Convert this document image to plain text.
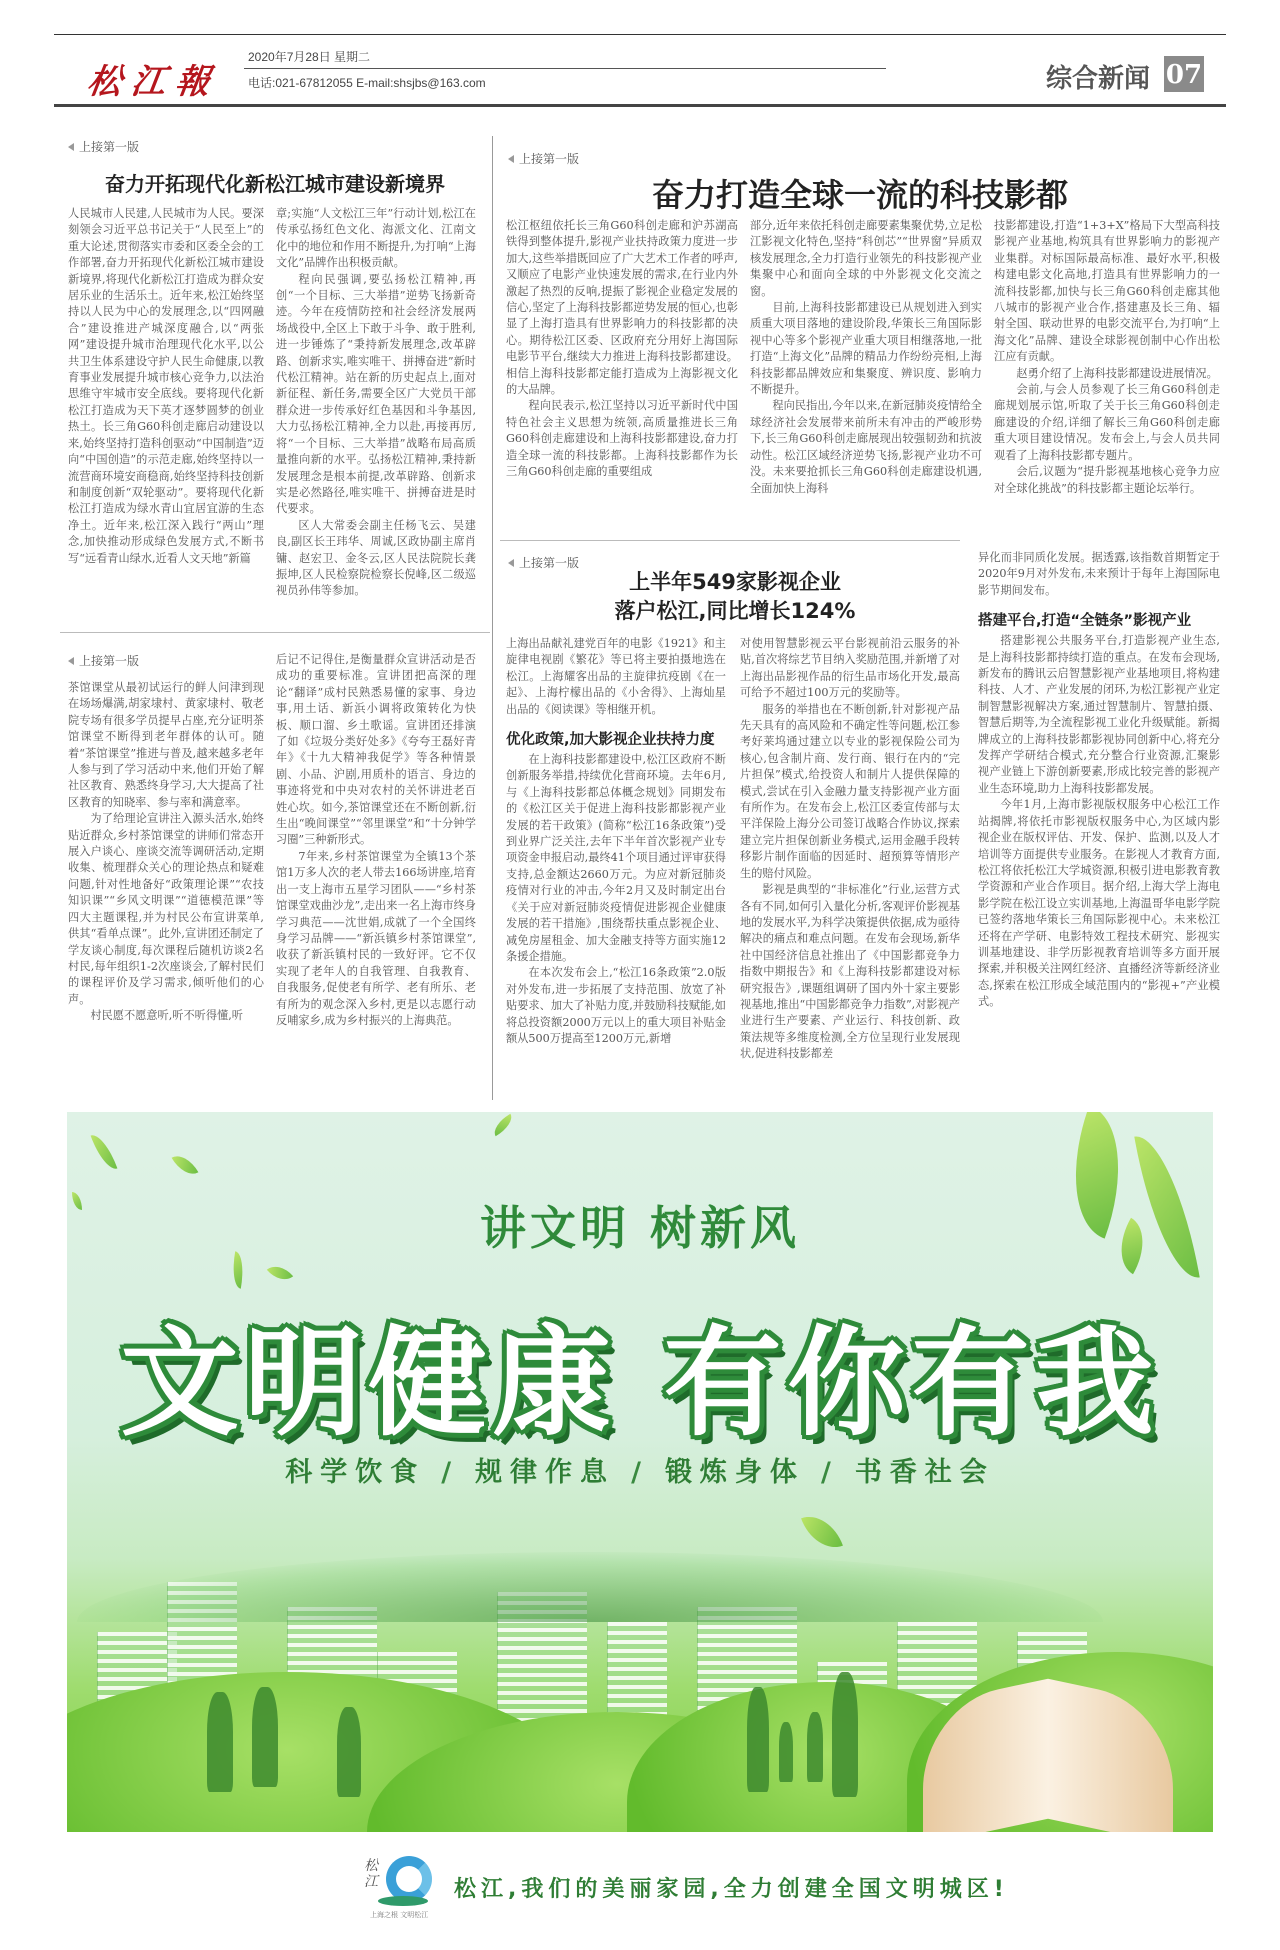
松江報
2020年7月28日 星期二
电话:021-67812055 E-mail:shsjbs@163.com	综合新闻 07
上接第一版
奋力开拓现代化新松江城市建设新境界

人民城市人民建,人民城市为人民。要深刻领会习近平总书记关于“人民至上”的重大论述,贯彻落实市委和区委全会的工作部署,奋力开拓现代化新松江城市建设新境界,将现代化新松江打造成为群众安居乐业的生活乐土。近年来,松江始终坚持以人民为中心的发展理念,以“四网融合”建设推进产城深度融合,以“两张网”建设提升城市治理现代化水平,以公共卫生体系建设守护人民生命健康,以教育事业发展提升城市核心竞争力,以法治思维守牢城市安全底线。要将现代化新松江打造成为天下英才逐梦圆梦的创业热土。长三角G60科创走廊启动建设以来,始终坚持打造科创驱动“中国制造”迈向“中国创造”的示范走廊,始终坚持以一流营商环境安商稳商,始终坚持科技创新和制度创新“双轮驱动”。要将现代化新松江打造成为绿水青山宜居宜游的生态净土。近年来,松江深入践行“两山”理念,加快推动形成绿色发展方式,不断书写“远看青山绿水,近看人文天地”新篇

章;实施“人文松江三年”行动计划,松江在传承弘扬红色文化、海派文化、江南文化中的地位和作用不断提升,为打响“上海文化”品牌作出积极贡献。

程向民强调,要弘扬松江精神,再创“一个目标、三大举措”逆势飞扬新奇迹。今年在疫情防控和社会经济发展两场战役中,全区上下敢于斗争、敢于胜利,进一步锤炼了“秉持新发展理念,改革辟路、创新求实,唯实唯干、拼搏奋进”新时代松江精神。站在新的历史起点上,面对新征程、新任务,需要全区广大党员干部群众进一步传承好红色基因和斗争基因,大力弘扬松江精神,全力以赴,再接再厉,将“一个目标、三大举措”战略布局高质量推向新的水平。弘扬松江精神,秉持新发展理念是根本前提,改革辟路、创新求实是必然路径,唯实唯干、拼搏奋进是时代要求。

区人大常委会副主任杨飞云、吴建良,副区长王玮华、周诚,区政协副主席肖镛、赵宏卫、金冬云,区人民法院院长龚振坤,区人民检察院检察长倪峰,区二级巡视员孙伟等参加。

上接第一版

茶馆课堂从最初试运行的鲜人问津到现在场场爆满,胡家埭村、黄家埭村、敬老院专场有很多学员提早占座,充分证明茶馆课堂不断得到老年群体的认可。随着“茶馆课堂”推进与普及,越来越多老年人参与到了学习活动中来,他们开始了解社区教育、熟悉终身学习,大大提高了社区教育的知晓率、参与率和满意率。

为了给理论宣讲注入源头活水,始终贴近群众,乡村茶馆课堂的讲师们常态开展入户谈心、座谈交流等调研活动,定期收集、梳理群众关心的理论热点和疑难问题,针对性地备好“政策理论课”“农技知识课”“乡风文明课”“道德模范课”等四大主题课程,并为村民公布宣讲菜单,供其“看单点课”。此外,宣讲团还制定了学友谈心制度,每次课程后随机访谈2名村民,每年组织1-2次座谈会,了解村民们的课程评价及学习需求,倾听他们的心声。

村民愿不愿意听,听不听得懂,听

后记不记得住,是衡量群众宣讲活动是否成功的重要标准。宣讲团把高深的理论“翻译”成村民熟悉易懂的家事、身边事,用土话、新浜小调将政策转化为快板、顺口溜、乡土歌谣。宣讲团还排演了如《垃圾分类好处多》《夸夸王磊好青年》《十九大精神我促学》等各种情景剧、小品、沪剧,用质朴的语言、身边的事迹将党和中央对农村的关怀讲进老百姓心坎。如今,茶馆课堂还在不断创新,衍生出“晚间课堂”“邻里课堂”和“十分钟学习圈”三种新形式。

7年来,乡村茶馆课堂为全镇13个茶馆1万多人次的老人带去166场讲座,培育出一支上海市五星学习团队——“乡村茶馆课堂戏曲沙龙”,走出来一名上海市终身学习典范——沈世娟,成就了一个全国终身学习品牌——“新浜镇乡村茶馆课堂”,收获了新浜镇村民的一致好评。它不仅实现了老年人的自我管理、自我教育、自我服务,促使老有所学、老有所乐、老有所为的观念深入乡村,更是以志愿行动反哺家乡,成为乡村振兴的上海典范。

上接第一版
奋力打造全球一流的科技影都

松江枢纽依托长三角G60科创走廊和沪苏湖高铁得到整体提升,影视产业扶持政策力度进一步加大,这些举措既回应了广大艺术工作者的呼声,又顺应了电影产业快速发展的需求,在行业内外激起了热烈的反响,提振了影视企业稳定发展的信心,坚定了上海科技影都逆势发展的恒心,也彰显了上海打造具有世界影响力的科技影都的决心。期待松江区委、区政府充分用好上海国际电影节平台,继续大力推进上海科技影都建设。相信上海科技影都定能打造成为上海影视文化的大品牌。

程向民表示,松江坚持以习近平新时代中国特色社会主义思想为统领,高质量推进长三角G60科创走廊建设和上海科技影都建设,奋力打造全球一流的科技影都。上海科技影都作为长三角G60科创走廊的重要组成

部分,近年来依托科创走廊要素集聚优势,立足松江影视文化特色,坚持“科创芯”“世界窗”异质双核发展理念,全力打造行业领先的科技影视产业集聚中心和面向全球的中外影视文化交流之窗。

目前,上海科技影都建设已从规划进入到实质重大项目落地的建设阶段,华策长三角国际影视中心等多个影视产业重大项目相继落地,一批打造“上海文化”品牌的精品力作纷纷亮相,上海科技影都品牌效应和集聚度、辨识度、影响力不断提升。

程向民指出,今年以来,在新冠肺炎疫情给全球经济社会发展带来前所未有冲击的严峻形势下,长三角G60科创走廊展现出较强韧劲和抗波动性。松江区域经济逆势飞扬,影视产业功不可没。未来要抢抓长三角G60科创走廊建设机遇,全面加快上海科

技影都建设,打造“1+3+X”格局下大型高科技影视产业基地,构筑具有世界影响力的影视产业集群。对标国际最高标准、最好水平,积极构建电影文化高地,打造具有世界影响力的一流科技影都,加快与长三角G60科创走廊其他八城市的影视产业合作,搭建惠及长三角、辐射全国、联动世界的电影交流平台,为打响“上海文化”品牌、建设全球影视创制中心作出松江应有贡献。

赵勇介绍了上海科技影都建设进展情况。

会前,与会人员参观了长三角G60科创走廊规划展示馆,听取了关于长三角G60科创走廊建设的介绍,详细了解长三角G60科创走廊重大项目建设情况。发布会上,与会人员共同观看了上海科技影都专题片。

会后,议题为“提升影视基地核心竞争力应对全球化挑战”的科技影都主题论坛举行。

上接第一版
上半年549家影视企业
落户松江,同比增长124%

上海出品献礼建党百年的电影《1921》和主旋律电视剧《繁花》等已将主要拍摄地选在松江。上海耀客出品的主旋律抗疫剧《在一起》、上海柠檬出品的《小舍得》、上海灿星出品的《阅读课》等相继开机。

优化政策,加大影视企业扶持力度

在上海科技影都建设中,松江区政府不断创新服务举措,持续优化营商环境。去年6月,与《上海科技影都总体概念规划》同期发布的《松江区关于促进上海科技影都影视产业发展的若干政策》(简称“松江16条政策”)受到业界广泛关注,去年下半年首次影视产业专项资金申报启动,最终41个项目通过评审获得支持,总金额达2660万元。为应对新冠肺炎疫情对行业的冲击,今年2月又及时制定出台《关于应对新冠肺炎疫情促进影视企业健康发展的若干措施》,围绕帮扶重点影视企业、减免房屋租金、加大金融支持等方面实施12条援企措施。

在本次发布会上,“松江16条政策”2.0版对外发布,进一步拓展了支持范围、放宽了补贴要求、加大了补贴力度,并鼓励科技赋能,如将总投资额2000万元以上的重大项目补贴金额从500万提高至1200万元,新增

对使用智慧影视云平台影视前沿云服务的补贴,首次将综艺节目纳入奖励范围,并新增了对上海出品影视作品的衍生品市场化开发,最高可给予不超过100万元的奖励等。

服务的举措也在不断创新,针对影视产品先天具有的高风险和不确定性等问题,松江参考好莱坞通过建立以专业的影视保险公司为核心,包含制片商、发行商、银行在内的“完片担保”模式,给投资人和制片人提供保障的模式,尝试在引入金融力量支持影视产业方面有所作为。在发布会上,松江区委宣传部与太平洋保险上海分公司签订战略合作协议,探索建立完片担保创新业务模式,运用金融手段转移影片制作面临的因延时、超预算等情形产生的赔付风险。

影视是典型的“非标准化”行业,运营方式各有不同,如何引入量化分析,客观评价影视基地的发展水平,为科学决策提供依据,成为亟待解决的痛点和难点问题。在发布会现场,新华社中国经济信息社推出了《中国影都竞争力指数中期报告》和《上海科技影都建设对标研究报告》,课题组调研了国内外十家主要影视基地,推出“中国影都竞争力指数”,对影视产业进行生产要素、产业运行、科技创新、政策法规等多维度检测,全方位呈现行业发展现状,促进科技影都差

异化而非同质化发展。据透露,该指数首期暂定于2020年9月对外发布,未来预计于每年上海国际电影节期间发布。

搭建平台,打造“全链条”影视产业

搭建影视公共服务平台,打造影视产业生态,是上海科技影都持续打造的重点。在发布会现场,新发布的腾讯云启智慧影视产业基地项目,将构建科技、人才、产业发展的闭环,为松江影视产业定制智慧影视解决方案,通过智慧制片、智慧拍摄、智慧后期等,为全流程影视工业化升级赋能。新揭牌成立的上海科技影都影视协同创新中心,将充分发挥产学研结合模式,充分整合行业资源,汇聚影视产业链上下游创新要素,形成比较完善的影视产业生态环境,助力上海科技影都发展。

今年1月,上海市影视版权服务中心松江工作站揭牌,将依托市影视版权服务中心,为区域内影视企业在版权评估、开发、保护、监测,以及人才培训等方面提供专业服务。在影视人才教育方面,松江将依托松江大学城资源,积极引进电影教育教学资源和产业合作项目。据介绍,上海大学上海电影学院在松江设立实训基地,上海温哥华电影学院已签约落地华策长三角国际影视中心。未来松江还将在产学研、电影特效工程技术研究、影视实训基地建设、非学历影视教育培训等多方面开展探索,并积极关注网红经济、直播经济等新经济业态,探索在松江形成全域范围内的“影视+”产业模式。

讲文明 树新风
文明健康 有你有我
科学饮食 / 规律作息 / 锻炼身体 / 书香社会
松江
上海之根 文明松江
松江,我们的美丽家园,全力创建全国文明城区!
